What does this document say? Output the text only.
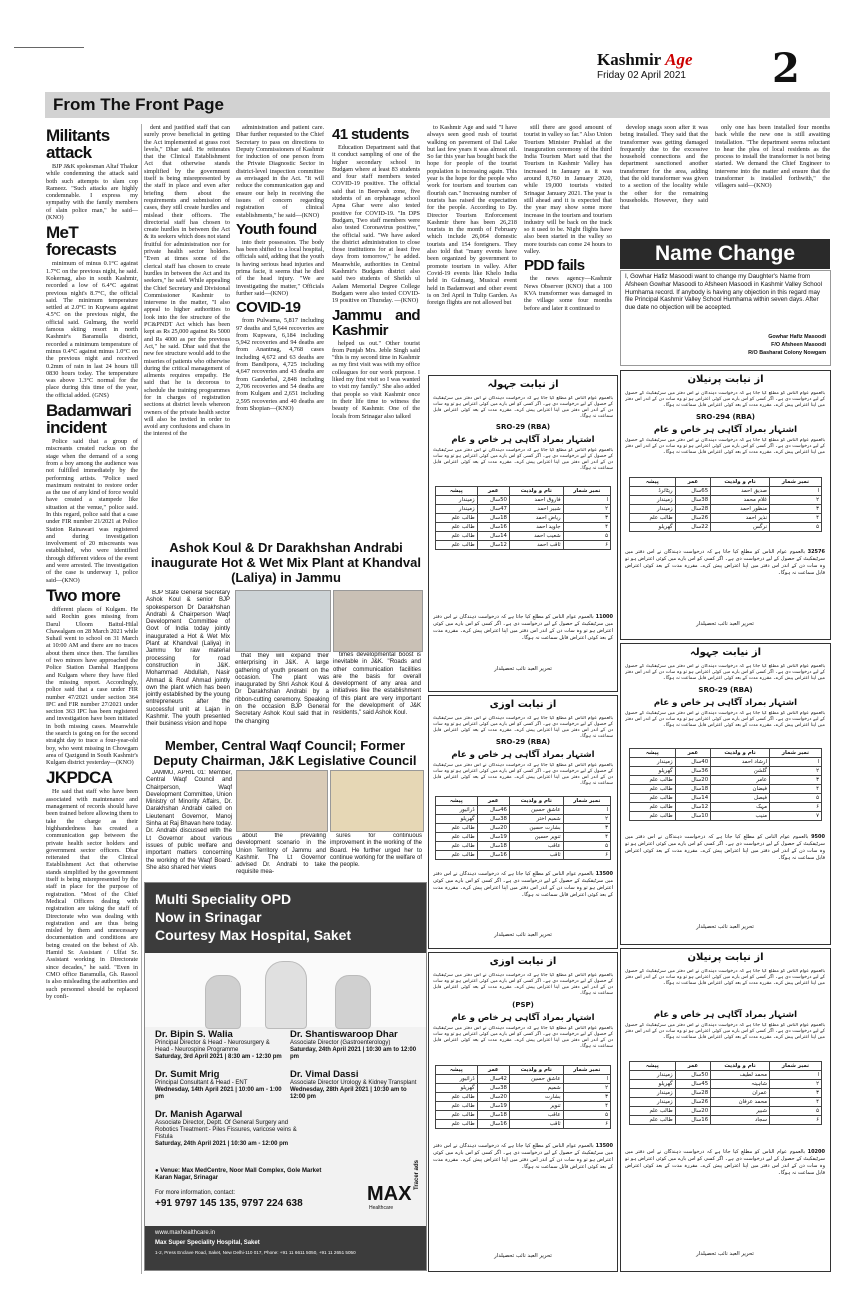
Kashmir Age
Friday 02 April 2021 2
From The Front Page
Militants attack

BJP J&K spokesman Altaf Thakur while condemning the attack said both such attempts to slam cop Rameez. "Such attacks are highly condemnable. I express my sympathy with the family members of slain police man," he said—(KNO)

MeT forecasts

minimum of minus 0.1°C against 1.7°C on the previous night, he said. Kokernag, also in south Kashmir, recorded a low of 6.4°C against previous night's 8.7°C, the official said. The minimum temperature settled at 2.0°C in Kupwara against 4.5°C on the previous night, the official said. Gulmarg, the world famous skiing resort in north Kashmir's Baramulla district, recorded a minimum temperature of minus 0.4°C against minus 1.0°C on the previous night and received 0.2mm of rain in last 24 hours till 0830 hours today. The temperature was above 1.3°C normal for the place during this time of the year, the official added. (GNS)

Badamwari incident

Police said that a group of miscreants created ruckus on the stage when the demand of a song from a boy among the audience was not fulfilled immediately by the performing artists. "Police used maximum restraint to restore order as the use of any kind of force would have created a stampede like situation at the venue," police said. In this regard, police said that a case under FIR number 21/2021 at Police Station Rainawari was registered and during investigation involvement of 20 miscreants was established, who were identified through different videos of the event and were arrested. The investigation of the case is underway 1, police said—(KNO)

Two more

different places of Kulgam. He said Rochin goes missing from Darul Uloom Baitul-Hilal Chawalgam on 28 March 2021 while Suhail went to school on 31 March at 10:00 AM and there are no traces about them since then. The families of two minors have approached the Police Station Damhal Hanjipora and Kulgam where they have filed the missing report. Accordingly, police said that a case under FIR number 47/2021 under section 364 IPC and FIR number 27/2021 under section 363 IPC has been registered and investigation have been initiated in both missing cases. Meanwhile the search is going on for the second straight day to trace a four-year-old boy, who went missing in Chowgam area of Qazigund in South Kashmir's Kulgam district yesterday—(KNO)

JKPDCA

He said that staff who have been associated with maintenance and management of records should have been trained before allowing them to take the charge as their highhandedness has created a communication gap between the private health sector holders and government sector officers. Dhar reiterated that the Clinical Establishment Act that otherwise stands simplified by the government itself is being misrepresented by the staff in place for the purpose of registration. "Most of the Chief Medical Officers dealing with registration are taking the staff of Directorate who was dealing with registration and are thus being misled by them and unnecessary documentation and conditions are being created on the behest of Ab. Hamid Sr. Assistant / Ulfat Sr. Assistant working in Directorate since decades," he said. "Even in CMO office Baramulla, Gh. Rasool is also misleading the authorities and such personnel should be replaced by confi-

dent and justified staff that can surely prove beneficial in getting the Act implemented at grass root levels," Dhar said. He reiterates that the Clinical Establishment Act that otherwise stands simplified by the government itself is being misrepresented by the staff in place and even after briefing them about the requirements and submission of cases, they still create hurdles and mislead their officers. The directorial staff has chosen to create hurdles in between the Act & its seekers which does not stand fruitful for administration nor for private health sector holders. "Even at times some of the clerical staff has chosen to create hurdles in between the Act and its seekers," he said. While appealing the Chief Secretary and Divisional Commissioner Kashmir to intervene in the matter, "I also appeal to higher authorities to look into the fee structure of the PC&PNDT Act which has been kept as Rs 25,000 against Rs 5000 and Rs 4000 as per the previous Act," he said. Dhar said that the new fee structure would add to the miseries of patients who otherwise during the critical management of ailments requires empathy. He said that he is decorous to schedule the training programmes for in charges of registration sections at district levels whereon owners of the private health sector will also be invited in order to avoid any confusions and chaos in the interest of the

administration and patient care. Dhar further requested to the Chief Secretary to pass on directions to Deputy Commissioners of Kashmir for induction of one person from the Private Diagnostic Sector in district-level inspection committee as envisaged in the Act. "It will reduce the communication gap and ensure our help in receiving the issues of concern regarding registration of clinical establishments," he said—(KNO)

Youth found

into their possession. The body has been shifted to a local hospital, officials said, adding that the youth is having serious head injuries and prima facie, it seems that he died of the head injury. "We are investigating the matter," Officials further said—(KNO)

COVID-19

from Pulwama, 5,817 including 97 deaths and 5,644 recoveries are from Kupwara, 6,184 including 5,942 recoveries and 94 deaths are from Anantnag, 4,768 cases including 4,672 and 63 deaths are from Bandipora, 4,725 including 4,647 recoveries and 43 deaths are from Ganderbal, 2,848 including 2,706 recoveries and 54 deaths are from Kulgam and 2,651 including 2,595 recoveries and 40 deaths are from Shopian—(KNO)

41 students

Education Department said that it conduct sampling of one of the higher secondary school in Budgam where at least 83 students and four staff members tested COVID-19 positive. The official said that in Beerwah zone, five students of an orphanage school Apna Ghar were also tested positive for COVID-19. "In DPS Budgam, Two staff members were also tested Coronavirus positive," the official said. "We have asked the district administration to close those institutions for at least five days from tomorrow," he added. Meanwhile, authorities in Central Kashmir's Budgam district also said two students of Sheikh ul Aalam Memorial Degree College Budgam were also tested COVID-19 positive on Thursday. —(KNO)

Jammu and Kashmir

helped us out." Other tourist from Punjab Mrs. Jeble Singh said "this is my second time in Kashmir as my first visit was with my office colleagues for our work purpose. I liked my first visit so I was wanted to visit my family." She also added that people so visit Kashmir once in their life time to witness the beauty of Kashmir. One of the locals from Srinagar also talked

to Kashmir Age and said "I have always seen good rush of tourist walking on pavement of Dal Lake but last few years it was almost nil. So far this year has bought back the hope for people of the tourist population is increasing again. This year is the hope for the people who work for tourism and tourism can flourish can." Increasing number of tourists has raised the expectation for the people. According to Dy. Director Tourism Enforcement Kashmir there has been 26,218 tourists in the month of February which include 26,064 domestic tourists and 154 foreigners. They also told that "many events have been organized by government to promote tourism in valley. After Covid-19 events like Khelo India held in Gulmarg, Musical event held in Badamwari and other event is on 3rd April in Tulip Garden. As foreign flights are not allowed but

still there are good amount of tourist in valley so far." Also Union Tourism Minister Prahlad at the inauguration ceremony of the third India Tourism Mart said that the Tourism in Kashmir Valley has increased in January as it was around 8,760 in January 2020, while 19,000 tourists visited Srinagar January 2021. The year is still ahead and it is expected that the year may show some more increase in the tourism and tourism industry will be back on the track so it used to be. Night flights have also been started in the valley so more tourists can come 24 hours to valley.

PDD fails

the news agency—Kashmir News Observer (KNO) that a 100 KVA transformer was damaged in the village some four months before and later it continued to

develop snags soon after it was being installed. They said that the transformer was getting damaged frequently due to the excessive household connections and the department sanctioned another transformer for the area, adding that the old transformer was given to a section of the locality while the other for the remaining households. However, they said that

only one has been installed four months back while the new one is still awaiting installation. "The department seems reluctant to hear the plea of local residents as the process to install the transformer is not being started. We demand the Chief Engineer to intervene into the matter and ensure that the transformer is installed forthwith," the villagers said—(KNO)

Name Change
I, Gowhar Hafiz Masoodi want to change my Daughter's Name from Afsheen Gowhar Masoodi to Afsheen Masoodi in Kashmir Valley School Humhama record. If anybody is having any objection in this regard may file Principal Kashmir Valley School Humhama within seven days. After due date no objection will be accepted.
Gowhar Hafiz Masoodi
F/O Afsheen Masoodi
R/O Basharat Colony Nowgam
Ashok Koul & Dr Darakhshan Andrabi inaugurate Hot & Wet Mix Plant at Khandval (Laliya) in Jammu

BJP State General Secretary Ashok Koul & senior BJP spokesperson Dr Darakhshan Andrabi & Chairperson Waqf Development Committee of Govt of India today jointly inaugurated a Hot & Wet Mix Plant at Khandval (Laliya) in Jammu for raw material processing for road construction in J&K. Mohammad Abdullah, Nasir Ahmad & Rouf Ahmad jointly own the plant which has been jointly established by the young entrepreneurs after the successful unit at Lajan in Kashmir. The youth presented their business vision and hope

that they will expand their enterprising in J&K. A large gathering of youth present on the occasion. The plant was inaugurated by Shri Ashok Koul & Dr Darakhshan Andrabi by a ribbon-cutting ceremony. Speaking on the occasion BJP General Secretary Ashok Koul said that in the changing

times developmental boost is inevitable in J&K. "Roads and other communication facilities are the basis for overall development of any area and initiatives like the establishment of this plant are very important for the development of J&K residents," said Ashok Koul.

Member, Central Waqf Council; Former Deputy Chairman, J&K Legislative Council

JAMMU, APRIL 01: Member, Central Waqf Council and Chairperson, Waqf Development Committee, Union Ministry of Minority Affairs, Dr. Darakhshan Andrabi called on Lieutenant Governor, Manoj Sinha at Raj Bhavan here today. Dr. Andrabi discussed with the Lt Governor about various issues of public welfare and important matters concerning the working of the Waqf Board. She also shared her views

about the prevailing development scenario in the Union Territory of Jammu and Kashmir. The Lt Governor advised Dr. Andrabi to take requisite mea-

sures for continuous improvement in the working of the Board. He further urged her to continue working for the welfare of the people.

Multi Speciality OPD
Now in Srinagar
Courtesy Max Hospital, Saket
Dr. Bipin S. Walia
Principal Director & Head - Neurosurgery & Head - Neurospine Programme
Saturday, 3rd April 2021 | 8:30 am - 12:30 pm
Dr. Shantiswaroop Dhar
Associate Director (Gastroenterology)
Saturday, 24th April 2021 | 10:30 am to 12:00 pm
Dr. Sumit Mrig
Principal Consultant & Head - ENT
Wednesday, 14th April 2021 | 10:00 am - 1:00 pm
Dr. Vimal Dassi
Associate Director Urology & Kidney Transplant
Wednesday, 28th April 2021 | 10:30 am to 12:00 pm
Dr. Manish Agarwal
Associate Director, Deptt. Of General Surgery and Robotics Treatment:- Piles Fissures, varicose veins & Fistula
Saturday, 24th April 2021 | 10:30 am - 12:00 pm
● Venue: Max MedCentre, Noor Mall Complex, Gole Market Karan Nagar, Srinagar
For more information, contact:
+91 9797 145 135, 9797 224 638	MAX
Healthcare
www.maxhealthcare.in
Max Super Speciality Hospital, Saket
1-2, Press Enclave Road, Saket, New Delhi-110 017, Phone: +91 11 6611 5050, +91 11 2651 5050
Tracer ads
از نیابت جہولہ
بالعموم عوام الناس کو مطلع کیا جاتا ہے کہ درخواست دہندگان نے اس دفتر میں سرٹیفکیٹ کے حصول کے لیے درخواست دی ہے۔ اگر کسی کو اس بارے میں کوئی اعتراض ہو تو وہ سات دن کے اندر اس دفتر میں اپنا اعتراض پیش کرے۔ مقررہ مدت کے بعد کوئی اعتراض قابل سماعت نہ ہوگا۔
SRO-29 (RBA)
اشتہار بمراد آگاہی ہر خاص و عام
بالعموم عوام الناس کو مطلع کیا جاتا ہے کہ درخواست دہندگان نے اس دفتر میں سرٹیفکیٹ کے حصول کے لیے درخواست دی ہے۔ اگر کسی کو اس بارے میں کوئی اعتراض ہو تو وہ سات دن کے اندر اس دفتر میں اپنا اعتراض پیش کرے۔ مقررہ مدت کے بعد کوئی اعتراض قابل سماعت نہ ہوگا۔
نمبر شمار	نام و ولدیت	عمر	پیشہ
ا	فاروق احمد	50سال	زمیندار
۲	شبیر احمد	47سال	زمیندار
۳	ریاض احمد	18سال	طالب علم
۴	جاوید احمد	16سال	طالب علم
۵	شعیب احمد	14سال	طالب علم
۶	ثاقب احمد	12سال	طالب علم
11000 بالعموم عوام الناس کو مطلع کیا جاتا ہے کہ درخواست دہندگان نے اس دفتر میں سرٹیفکیٹ کے حصول کے لیے درخواست دی ہے۔ اگر کسی کو اس بارے میں کوئی اعتراض ہو تو وہ سات دن کے اندر اس دفتر میں اپنا اعتراض پیش کرے۔ مقررہ مدت کے بعد کوئی اعتراض قابل سماعت نہ ہوگا۔
تحریر العبد نائب تحصیلدار
از نیابت اوزی
بالعموم عوام الناس کو مطلع کیا جاتا ہے کہ درخواست دہندگان نے اس دفتر میں سرٹیفکیٹ کے حصول کے لیے درخواست دی ہے۔ اگر کسی کو اس بارے میں کوئی اعتراض ہو تو وہ سات دن کے اندر اس دفتر میں اپنا اعتراض پیش کرے۔ مقررہ مدت کے بعد کوئی اعتراض قابل سماعت نہ ہوگا۔
SRO-29 (RBA)
اشتہار بمراد آگاہی ہر خاص و عام
بالعموم عوام الناس کو مطلع کیا جاتا ہے کہ درخواست دہندگان نے اس دفتر میں سرٹیفکیٹ کے حصول کے لیے درخواست دی ہے۔ اگر کسی کو اس بارے میں کوئی اعتراض ہو تو وہ سات دن کے اندر اس دفتر میں اپنا اعتراض پیش کرے۔ مقررہ مدت کے بعد کوئی اعتراض قابل سماعت نہ ہوگا۔
نمبر شمار	نام و ولدیت	عمر	پیشہ
ا	عاشق حسین	46سال	ڈرائیور
۲	شمیم اختر	38سال	گھریلو
۳	بشارت حسین	20سال	طالب علم
۴	تنویر حسین	19سال	طالب علم
۵	عاقب	18سال	طالب علم
۶	ثاقب	16سال	طالب علم
13500 بالعموم عوام الناس کو مطلع کیا جاتا ہے کہ درخواست دہندگان نے اس دفتر میں سرٹیفکیٹ کے حصول کے لیے درخواست دی ہے۔ اگر کسی کو اس بارے میں کوئی اعتراض ہو تو وہ سات دن کے اندر اس دفتر میں اپنا اعتراض پیش کرے۔ مقررہ مدت کے بعد کوئی اعتراض قابل سماعت نہ ہوگا۔
تحریر العبد نائب تحصیلدار
از نیابت اوزی
بالعموم عوام الناس کو مطلع کیا جاتا ہے کہ درخواست دہندگان نے اس دفتر میں سرٹیفکیٹ کے حصول کے لیے درخواست دی ہے۔ اگر کسی کو اس بارے میں کوئی اعتراض ہو تو وہ سات دن کے اندر اس دفتر میں اپنا اعتراض پیش کرے۔ مقررہ مدت کے بعد کوئی اعتراض قابل سماعت نہ ہوگا۔
(PSP)
اشتہار بمراد آگاہی ہر خاص و عام
بالعموم عوام الناس کو مطلع کیا جاتا ہے کہ درخواست دہندگان نے اس دفتر میں سرٹیفکیٹ کے حصول کے لیے درخواست دی ہے۔ اگر کسی کو اس بارے میں کوئی اعتراض ہو تو وہ سات دن کے اندر اس دفتر میں اپنا اعتراض پیش کرے۔ مقررہ مدت کے بعد کوئی اعتراض قابل سماعت نہ ہوگا۔
نمبر شمار	نام و ولدیت	عمر	پیشہ
ا	عاشق حسین	42سال	ڈرائیور
۲	شمیم	38سال	گھریلو
۳	بشارت	20سال	طالب علم
۴	تنویر	19سال	طالب علم
۵	عاقب	18سال	طالب علم
۶	ثاقب	16سال	طالب علم
13500 بالعموم عوام الناس کو مطلع کیا جاتا ہے کہ درخواست دہندگان نے اس دفتر میں سرٹیفکیٹ کے حصول کے لیے درخواست دی ہے۔ اگر کسی کو اس بارے میں کوئی اعتراض ہو تو وہ سات دن کے اندر اس دفتر میں اپنا اعتراض پیش کرے۔ مقررہ مدت کے بعد کوئی اعتراض قابل سماعت نہ ہوگا۔
تحریر العبد نائب تحصیلدار
از نیابت پرنیلان
بالعموم عوام الناس کو مطلع کیا جاتا ہے کہ درخواست دہندگان نے اس دفتر میں سرٹیفکیٹ کے حصول کے لیے درخواست دی ہے۔ اگر کسی کو اس بارے میں کوئی اعتراض ہو تو وہ سات دن کے اندر اس دفتر میں اپنا اعتراض پیش کرے۔ مقررہ مدت کے بعد کوئی اعتراض قابل سماعت نہ ہوگا۔
SRO-294 (RBA)
اشتہار بمراد آگاہی ہر خاص و عام
بالعموم عوام الناس کو مطلع کیا جاتا ہے کہ درخواست دہندگان نے اس دفتر میں سرٹیفکیٹ کے حصول کے لیے درخواست دی ہے۔ اگر کسی کو اس بارے میں کوئی اعتراض ہو تو وہ سات دن کے اندر اس دفتر میں اپنا اعتراض پیش کرے۔ مقررہ مدت کے بعد کوئی اعتراض قابل سماعت نہ ہوگا۔
نمبر شمار	نام و ولدیت	عمر	پیشہ
ا	صدیق احمد	65سال	ریٹائرڈ
۲	غلام محمد	38سال	زمیندار
۳	منظور احمد	28سال	زمیندار
۴	نذیر احمد	26سال	طالب علم
۵	نرگس	22سال	گھریلو
32576 بالعموم عوام الناس کو مطلع کیا جاتا ہے کہ درخواست دہندگان نے اس دفتر میں سرٹیفکیٹ کے حصول کے لیے درخواست دی ہے۔ اگر کسی کو اس بارے میں کوئی اعتراض ہو تو وہ سات دن کے اندر اس دفتر میں اپنا اعتراض پیش کرے۔ مقررہ مدت کے بعد کوئی اعتراض قابل سماعت نہ ہوگا۔
تحریر العبد نائب تحصیلدار
از نیابت جہولہ
بالعموم عوام الناس کو مطلع کیا جاتا ہے کہ درخواست دہندگان نے اس دفتر میں سرٹیفکیٹ کے حصول کے لیے درخواست دی ہے۔ اگر کسی کو اس بارے میں کوئی اعتراض ہو تو وہ سات دن کے اندر اس دفتر میں اپنا اعتراض پیش کرے۔ مقررہ مدت کے بعد کوئی اعتراض قابل سماعت نہ ہوگا۔
SRO-29 (RBA)
اشتہار بمراد آگاہی ہر خاص و عام
بالعموم عوام الناس کو مطلع کیا جاتا ہے کہ درخواست دہندگان نے اس دفتر میں سرٹیفکیٹ کے حصول کے لیے درخواست دی ہے۔ اگر کسی کو اس بارے میں کوئی اعتراض ہو تو وہ سات دن کے اندر اس دفتر میں اپنا اعتراض پیش کرے۔ مقررہ مدت کے بعد کوئی اعتراض قابل سماعت نہ ہوگا۔
نمبر شمار	نام و ولدیت	عمر	پیشہ
ا	ارشاد احمد	40سال	زمیندار
۲	گلشن	36سال	گھریلو
۳	عامر	20سال	طالب علم
۴	فیضان	18سال	طالب علم
۵	فیصل	14سال	طالب علم
۶	مہک	12سال	طالب علم
۷	منیب	10سال	طالب علم
9500 بالعموم عوام الناس کو مطلع کیا جاتا ہے کہ درخواست دہندگان نے اس دفتر میں سرٹیفکیٹ کے حصول کے لیے درخواست دی ہے۔ اگر کسی کو اس بارے میں کوئی اعتراض ہو تو وہ سات دن کے اندر اس دفتر میں اپنا اعتراض پیش کرے۔ مقررہ مدت کے بعد کوئی اعتراض قابل سماعت نہ ہوگا۔
تحریر العبد نائب تحصیلدار
از نیابت پرنیلان
بالعموم عوام الناس کو مطلع کیا جاتا ہے کہ درخواست دہندگان نے اس دفتر میں سرٹیفکیٹ کے حصول کے لیے درخواست دی ہے۔ اگر کسی کو اس بارے میں کوئی اعتراض ہو تو وہ سات دن کے اندر اس دفتر میں اپنا اعتراض پیش کرے۔ مقررہ مدت کے بعد کوئی اعتراض قابل سماعت نہ ہوگا۔
اشتہار بمراد آگاہی ہر خاص و عام
بالعموم عوام الناس کو مطلع کیا جاتا ہے کہ درخواست دہندگان نے اس دفتر میں سرٹیفکیٹ کے حصول کے لیے درخواست دی ہے۔ اگر کسی کو اس بارے میں کوئی اعتراض ہو تو وہ سات دن کے اندر اس دفتر میں اپنا اعتراض پیش کرے۔ مقررہ مدت کے بعد کوئی اعتراض قابل سماعت نہ ہوگا۔
نمبر شمار	نام و ولدیت	عمر	پیشہ
ا	محمد لطیف	50سال	زمیندار
۲	شاہینہ	45سال	گھریلو
۳	عمران	28سال	زمیندار
۴	محمد عرفان	26سال	زمیندار
۵	شبیر	20سال	طالب علم
۶	سجاد	16سال	طالب علم
10200 بالعموم عوام الناس کو مطلع کیا جاتا ہے کہ درخواست دہندگان نے اس دفتر میں سرٹیفکیٹ کے حصول کے لیے درخواست دی ہے۔ اگر کسی کو اس بارے میں کوئی اعتراض ہو تو وہ سات دن کے اندر اس دفتر میں اپنا اعتراض پیش کرے۔ مقررہ مدت کے بعد کوئی اعتراض قابل سماعت نہ ہوگا۔
تحریر العبد نائب تحصیلدار
